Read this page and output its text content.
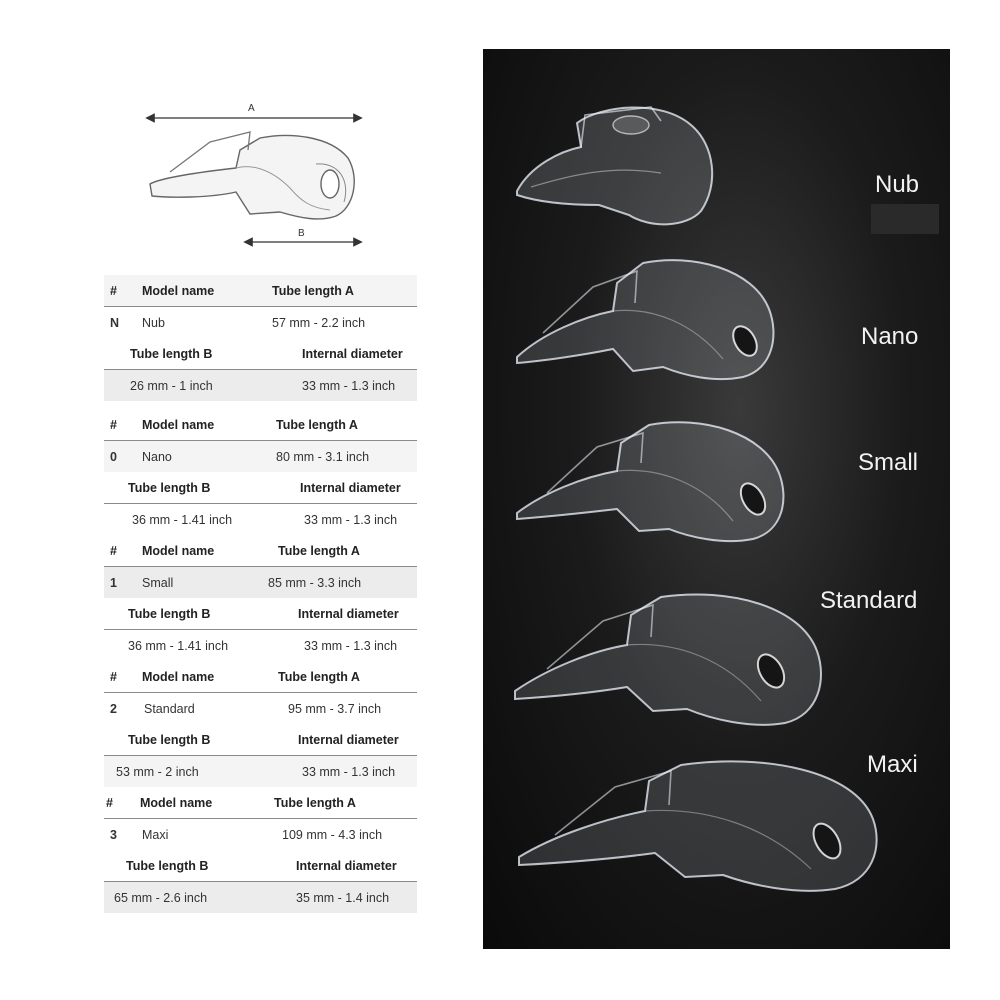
A
B
# Model name	Tube length A
N Nub	57 mm - 2.2 inch
Tube length B	Internal diameter
26 mm - 1 inch	33 mm - 1.3 inch
# Model name	Tube length A
0 Nano	80 mm - 3.1 inch
Tube length B	Internal diameter
36 mm - 1.41 inch	33 mm - 1.3 inch
# Model name	Tube length A
1 Small	85 mm - 3.3 inch
Tube length B	Internal diameter
36 mm - 1.41 inch	33 mm - 1.3 inch
# Model name	Tube length A
2 Standard	95 mm - 3.7 inch
Tube length B	Internal diameter
53 mm - 2 inch	33 mm - 1.3 inch
# Model name	Tube length A
3 Maxi	109 mm - 4.3 inch
Tube length B	Internal diameter
65 mm - 2.6 inch	35 mm - 1.4 inch
Nub
Nano
Small
Standard
Maxi
